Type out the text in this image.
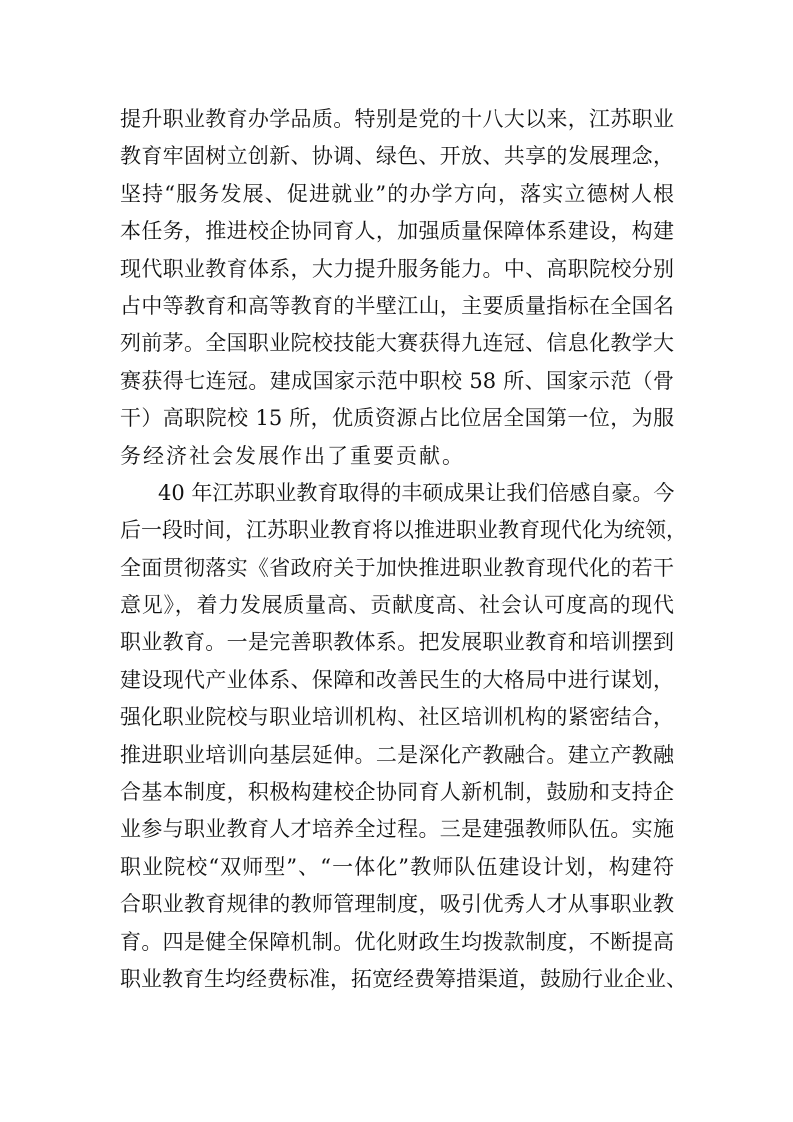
提升职业教育办学品质。特别是党的十八大以来，江苏职业
教育牢固树立创新、协调、绿色、开放、共享的发展理念，
坚持“服务发展、促进就业”的办学方向，落实立德树人根
本任务，推进校企协同育人，加强质量保障体系建设，构建
现代职业教育体系，大力提升服务能力。中、高职院校分别
占中等教育和高等教育的半壁江山，主要质量指标在全国名
列前茅。全国职业院校技能大赛获得九连冠、信息化教学大
赛获得七连冠。建成国家示范中职校 58 所、国家示范（骨
干）高职院校 15 所，优质资源占比位居全国第一位，为服
务经济社会发展作出了重要贡献。
40 年江苏职业教育取得的丰硕成果让我们倍感自豪。今
后一段时间，江苏职业教育将以推进职业教育现代化为统领，
全面贯彻落实《省政府关于加快推进职业教育现代化的若干
意见》，着力发展质量高、贡献度高、社会认可度高的现代
职业教育。一是完善职教体系。把发展职业教育和培训摆到
建设现代产业体系、保障和改善民生的大格局中进行谋划，
强化职业院校与职业培训机构、社区培训机构的紧密结合，
推进职业培训向基层延伸。二是深化产教融合。建立产教融
合基本制度，积极构建校企协同育人新机制，鼓励和支持企
业参与职业教育人才培养全过程。三是建强教师队伍。实施
职业院校“双师型”、“一体化”教师队伍建设计划，构建符
合职业教育规律的教师管理制度，吸引优秀人才从事职业教
育。四是健全保障机制。优化财政生均拨款制度，不断提高
职业教育生均经费标准，拓宽经费筹措渠道，鼓励行业企业、
